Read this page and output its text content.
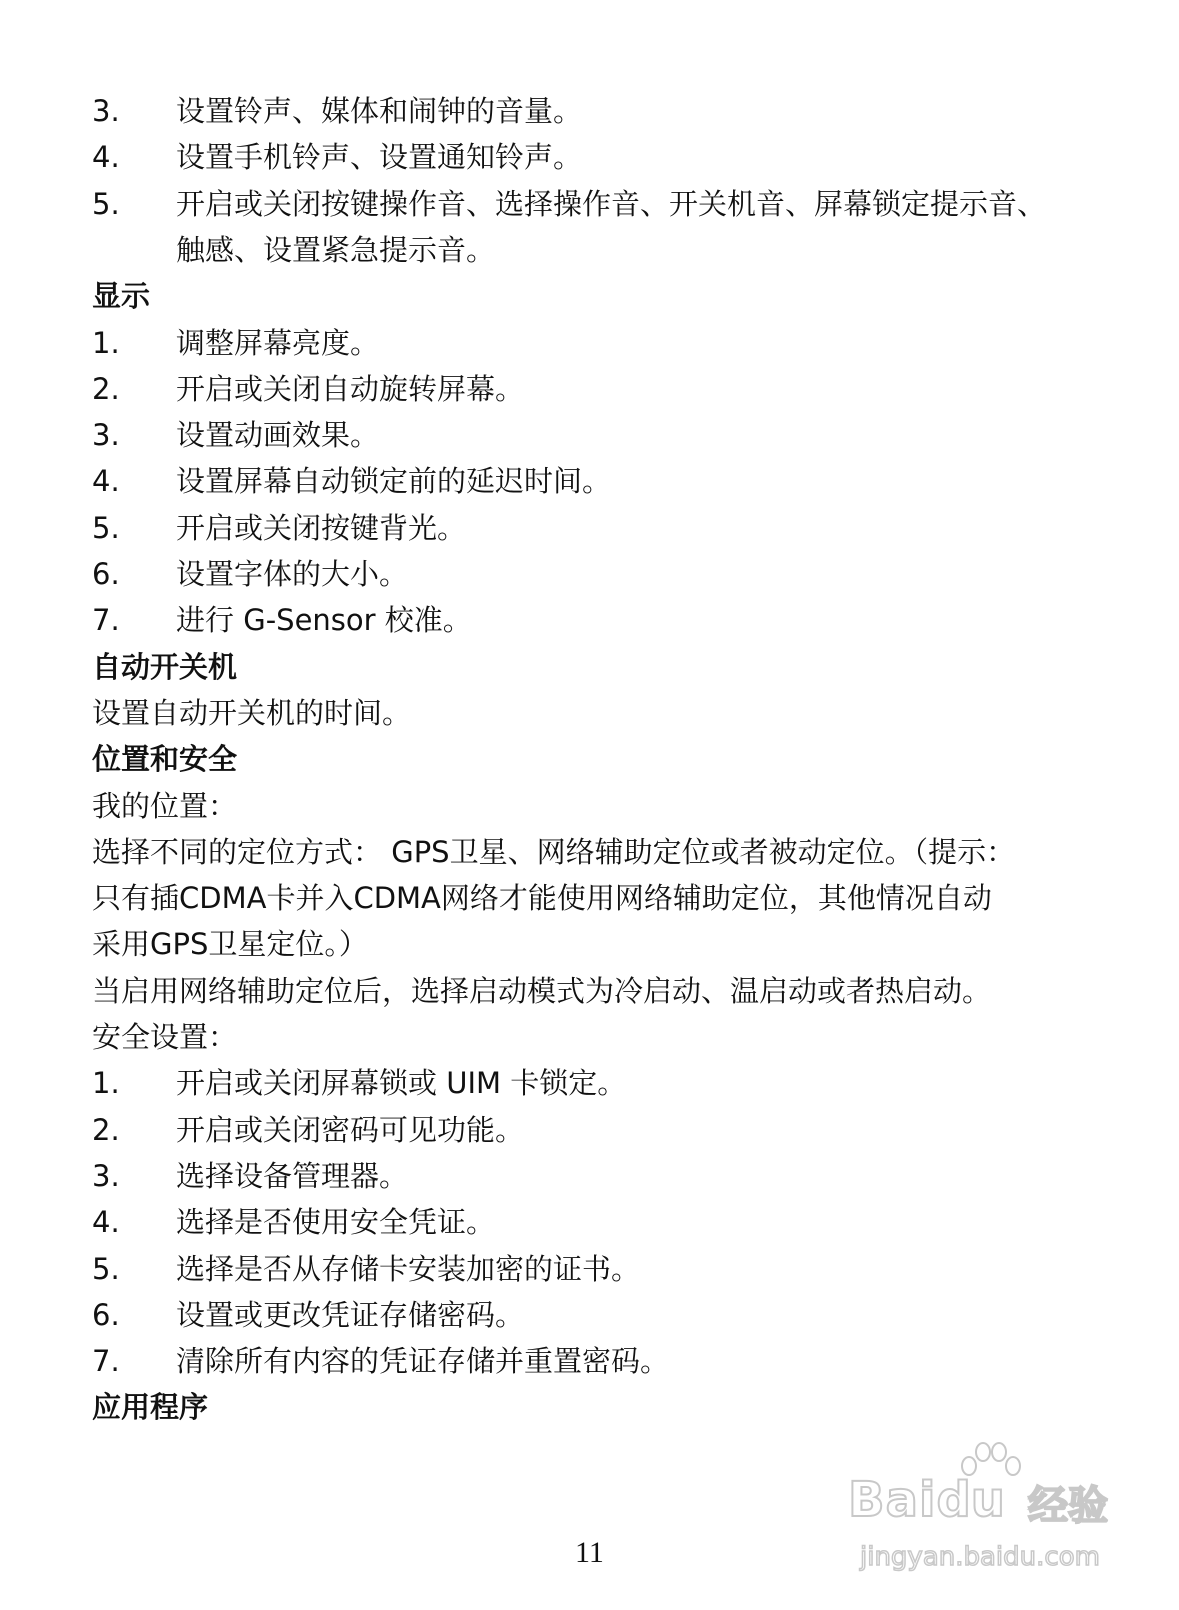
3. 设置铃声、媒体和闹钟的音量。
4. 设置手机铃声、设置通知铃声。
5. 开启或关闭按键操作音、选择操作音、开关机音、屏幕锁定提示音、
触感、设置紧急提示音。
显示
1. 调整屏幕亮度。
2. 开启或关闭自动旋转屏幕。
3. 设置动画效果。
4. 设置屏幕自动锁定前的延迟时间。
5. 开启或关闭按键背光。
6. 设置字体的大小。
7. 进行 G-Sensor 校准。
自动开关机
设置自动开关机的时间。
位置和安全
我的位置：
选择不同的定位方式： GPS卫星、网络辅助定位或者被动定位。（提示：
只有插CDMA卡并入CDMA网络才能使用网络辅助定位，其他情况自动
采用GPS卫星定位。）
当启用网络辅助定位后，选择启动模式为冷启动、温启动或者热启动。
安全设置：
1. 开启或关闭屏幕锁或 UIM 卡锁定。
2. 开启或关闭密码可见功能。
3. 选择设备管理器。
4. 选择是否使用安全凭证。
5. 选择是否从存储卡安装加密的证书。
6. 设置或更改凭证存储密码。
7. 清除所有内容的凭证存储并重置密码。
应用程序
11
Baidu 经验
jingyan.baidu.com
